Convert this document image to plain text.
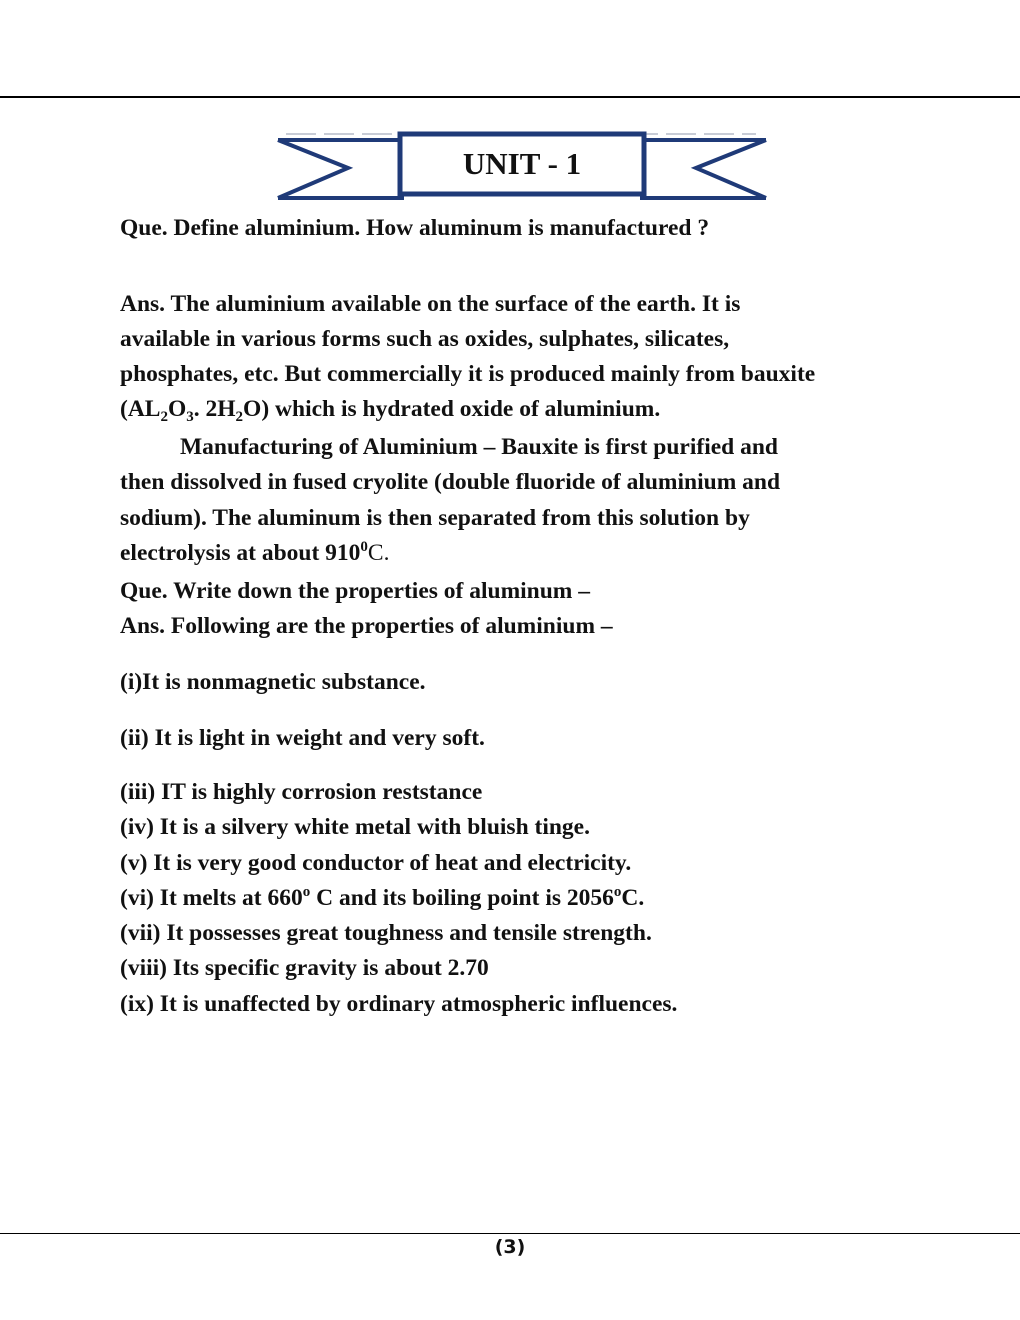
UNIT - 1
Que. Define aluminium. How aluminum is manufactured ?
Ans. The aluminium available on the surface of the earth. It is
available in various forms such as oxides, sulphates, silicates,
phosphates, etc. But commercially it is produced mainly from bauxite
($AL_2O_3$. $2H_2O$) which is hydrated oxide of aluminium.
Manufacturing of Aluminium – Bauxite is first purified and
then dissolved in fused cryolite (double fluoride of aluminium and
sodium). The aluminum is then separated from this solution by
electrolysis at about $910^0C$.
Que. Write down the properties of aluminum –
Ans. Following are the properties of aluminium –
(i)It is nonmagnetic substance.
(ii) It is light in weight and very soft.
(iii) IT is highly corrosion reststance
(iv) It is a silvery white metal with bluish tinge.
(v) It is very good conductor of heat and electricity.
(vi) It melts at 660$^o$ C and its boiling point is 2056$^o$C.
(vii) It possesses great toughness and tensile strength.
(viii) Its specific gravity is about 2.70
(ix) It is unaffected by ordinary atmospheric influences.
(3)
